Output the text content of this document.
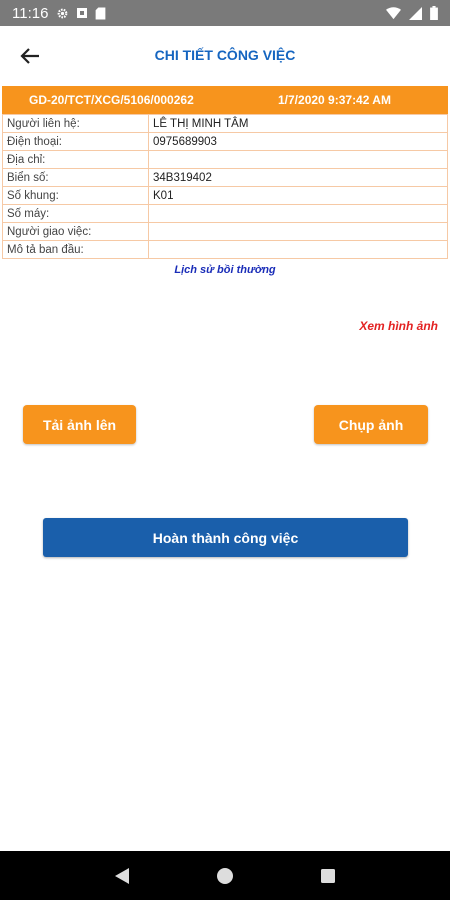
11:16
CHI TIẾT CÔNG VIỆC
GD-20/TCT/XCG/5106/000262	1/7/2020 9:37:42 AM
Người liên hệ:	LÊ THỊ MINH TÂM
Điện thoại:	0975689903
Địa chỉ:	
Biển số:	34B319402
Số khung:	K01
Số máy:	
Người giao việc:	
Mô tả ban đầu:	
Lịch sử bồi thường
Xem hình ảnh
Tải ảnh lên	Chụp ảnh
Hoàn thành công việc
